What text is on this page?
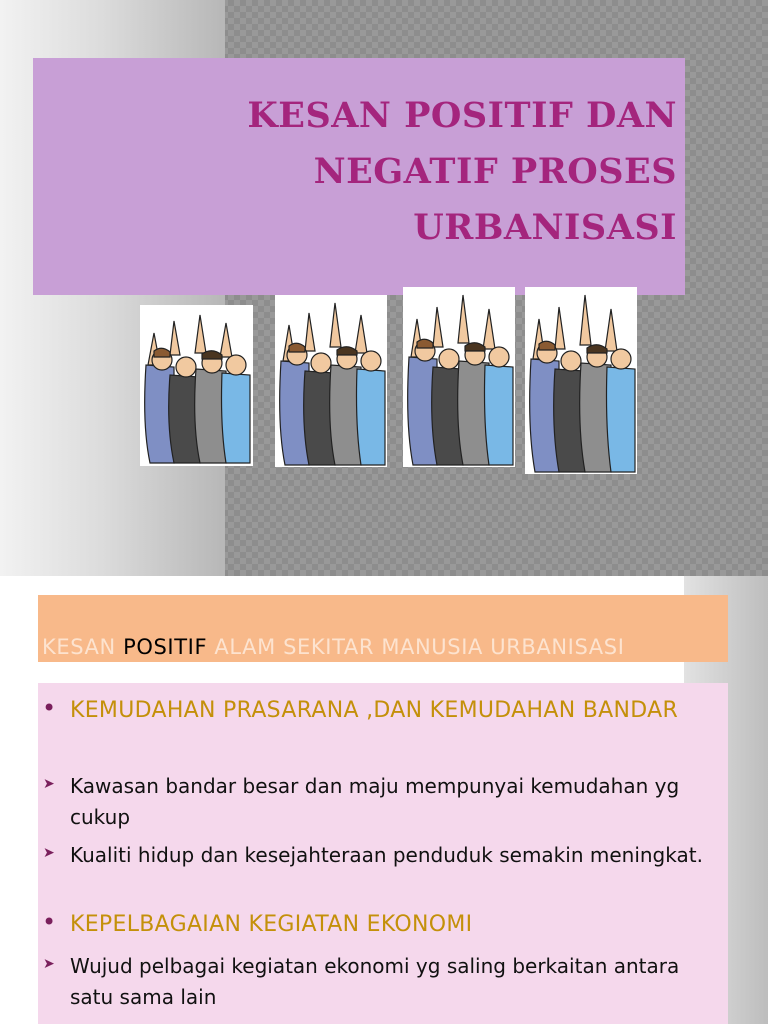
KESAN POSITIF DAN
NEGATIF PROSES
URBANISASI
KESAN POSITIF ALAM SEKITAR MANUSIA URBANISASI
• KEMUDAHAN PRASARANA ,DAN KEMUDAHAN BANDAR
➤ Kawasan bandar besar dan maju mempunyai kemudahan yg cukup
➤ Kualiti hidup dan kesejahteraan penduduk semakin meningkat.
• KEPELBAGAIAN KEGIATAN EKONOMI
➤ Wujud pelbagai kegiatan ekonomi yg saling berkaitan antara satu sama lain
